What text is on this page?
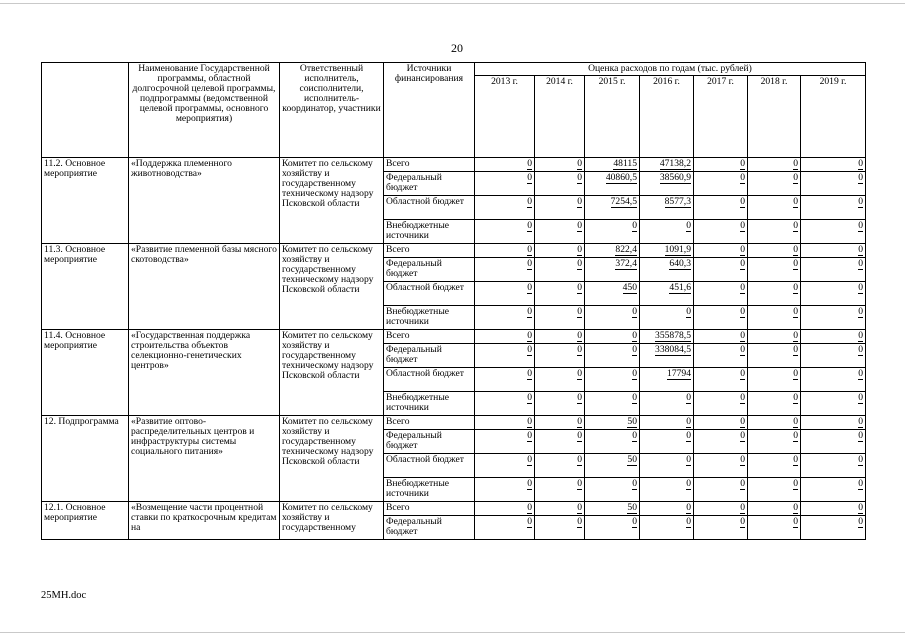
20
	Наименование Государственной программы, областной долгосрочной целевой программы, подпрограммы (ведомственной целевой программы, основного мероприятия)	Ответственный исполнитель, соисполнители, исполнитель-координатор, участники	Источники финансирования	Оценка расходов по годам (тыс. рублей)						
				2013 г.	2014 г.	2015 г.	2016 г.	2017 г.	2018 г.	2019 г.
11.2. Основное мероприятие	«Поддержка племенного животноводства»	Комитет по сельскому хозяйству и государственному техническому надзору Псковской области	Всего	0	0	48115	47138,2	0	0	0
			Федеральный бюджет	0	0	40860,5	38560,9	0	0	0
			Областной бюджет	0	0	7254,5	8577,3	0	0	0
			Внебюджетные источники	0	0	0	0	0	0	0
11.3. Основное мероприятие	«Развитие племенной базы мясного скотоводства»	Комитет по сельскому хозяйству и государственному техническому надзору Псковской области	Всего	0	0	822,4	1091,9	0	0	0
			Федеральный бюджет	0	0	372,4	640,3	0	0	0
			Областной бюджет	0	0	450	451,6	0	0	0
			Внебюджетные источники	0	0	0	0	0	0	0
11.4. Основное мероприятие	«Государственная поддержка строительства объектов селекционно-генетических центров»	Комитет по сельскому хозяйству и государственному техническому надзору Псковской области	Всего	0	0	0	355878,5	0	0	0
			Федеральный бюджет	0	0	0	338084,5	0	0	0
			Областной бюджет	0	0	0	17794	0	0	0
			Внебюджетные источники	0	0	0	0	0	0	0
12. Подпрограмма	«Развитие оптово-распределительных центров и инфраструктуры системы социального питания»	Комитет по сельскому хозяйству и государственному техническому надзору Псковской области	Всего	0	0	50	0	0	0	0
			Федеральный бюджет	0	0	0	0	0	0	0
			Областной бюджет	0	0	50	0	0	0	0
			Внебюджетные источники	0	0	0	0	0	0	0
12.1. Основное мероприятие	«Возмещение части процентной ставки по краткосрочным кредитам на	Комитет по сельскому хозяйству и государственному	Всего	0	0	50	0	0	0	0
			Федеральный бюджет	0	0	0	0	0	0	0
25МН.doc
